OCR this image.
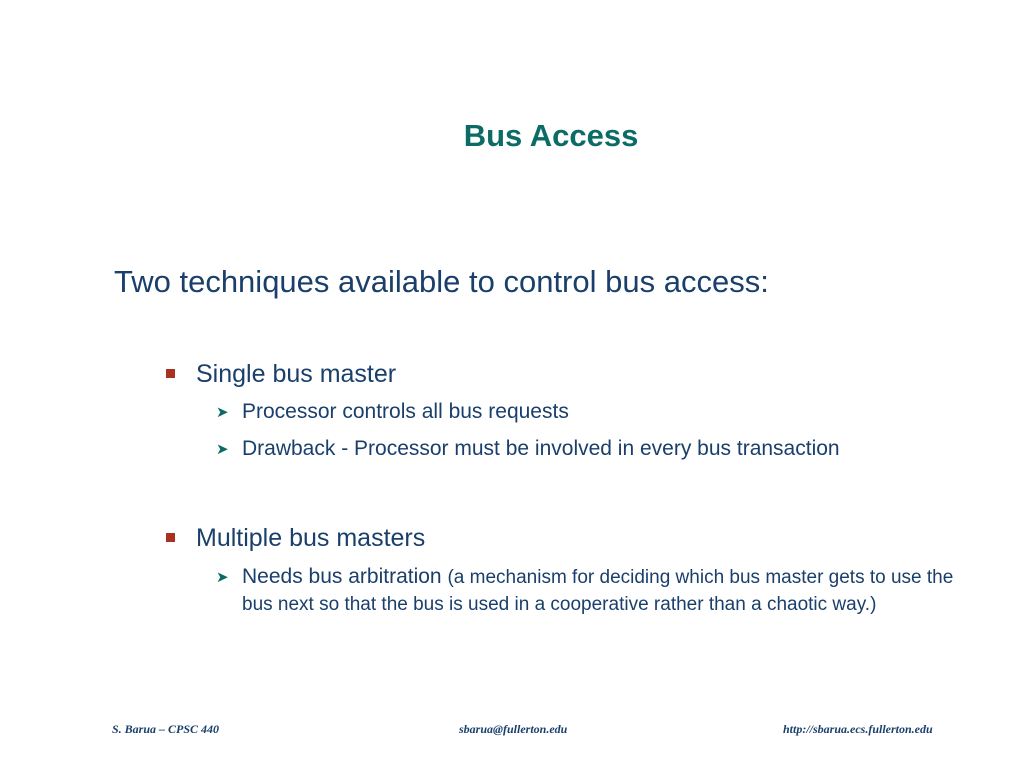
Bus Access
Two techniques available to control bus access:
Single bus master
➤ Processor controls all bus requests
➤ Drawback - Processor must be involved in every bus transaction
Multiple bus masters
➤ Needs bus arbitration (a mechanism for deciding which bus master gets to use the bus next so that the bus is used in a cooperative rather than a chaotic way.)
S. Barua – CPSC 440	sbarua@fullerton.edu	http://sbarua.ecs.fullerton.edu
